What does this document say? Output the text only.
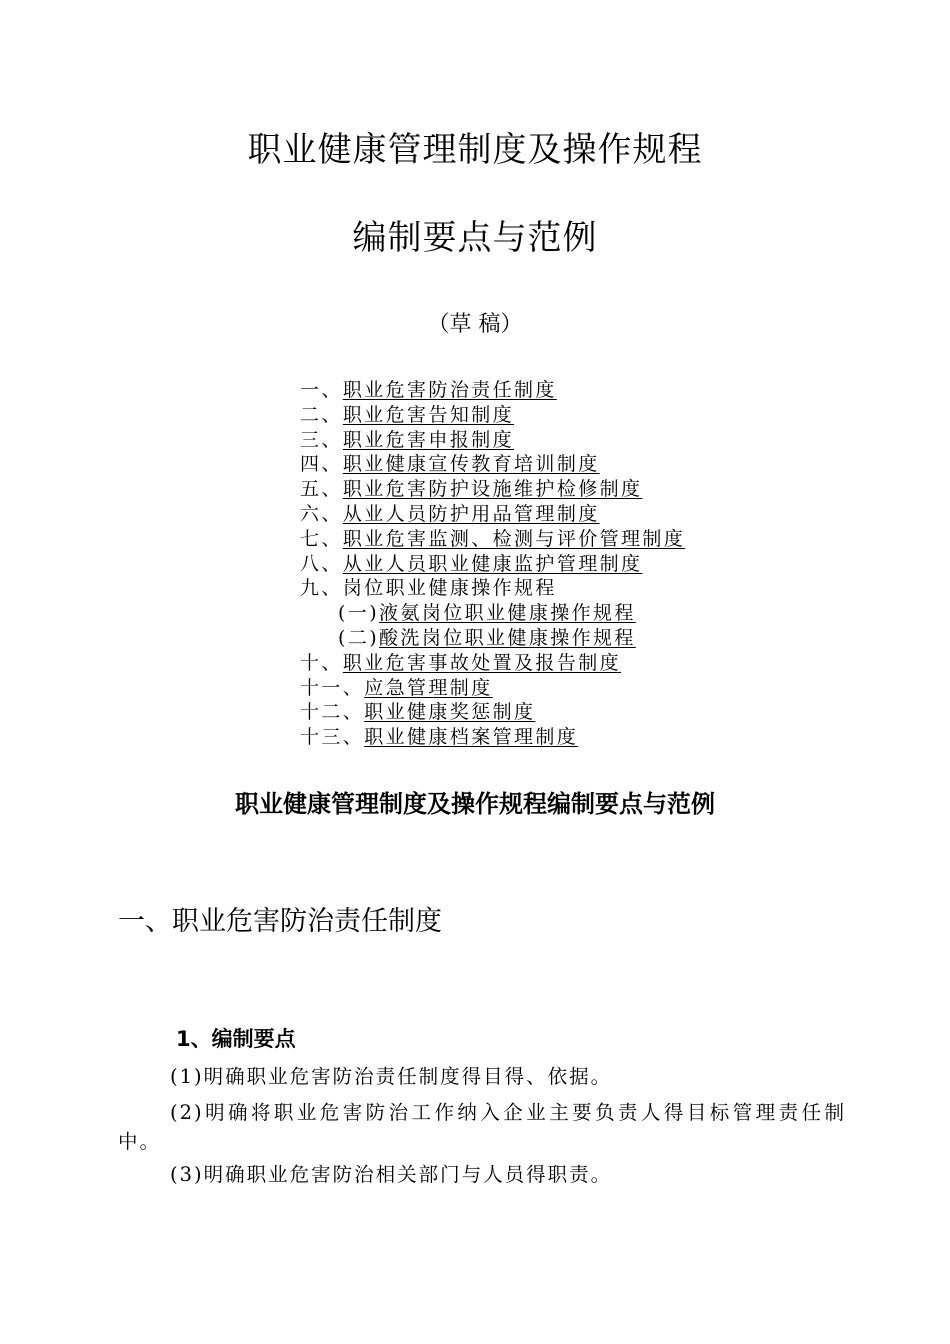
职业健康管理制度及操作规程
编制要点与范例
（草 稿）
一、职业危害防治责任制度
二、职业危害告知制度
三、职业危害申报制度
四、职业健康宣传教育培训制度
五、职业危害防护设施维护检修制度
六、从业人员防护用品管理制度
七、职业危害监测、检测与评价管理制度
八、从业人员职业健康监护管理制度
九、岗位职业健康操作规程
(一)液氨岗位职业健康操作规程
(二)酸洗岗位职业健康操作规程
十、职业危害事故处置及报告制度
十一、应急管理制度
十二、职业健康奖惩制度
十三、职业健康档案管理制度
职业健康管理制度及操作规程编制要点与范例
一、职业危害防治责任制度
1、编制要点

(1)明确职业危害防治责任制度得目得、依据。

(2)明确将职业危害防治工作纳入企业主要负责人得目标管理责任制中。

(3)明确职业危害防治相关部门与人员得职责。
